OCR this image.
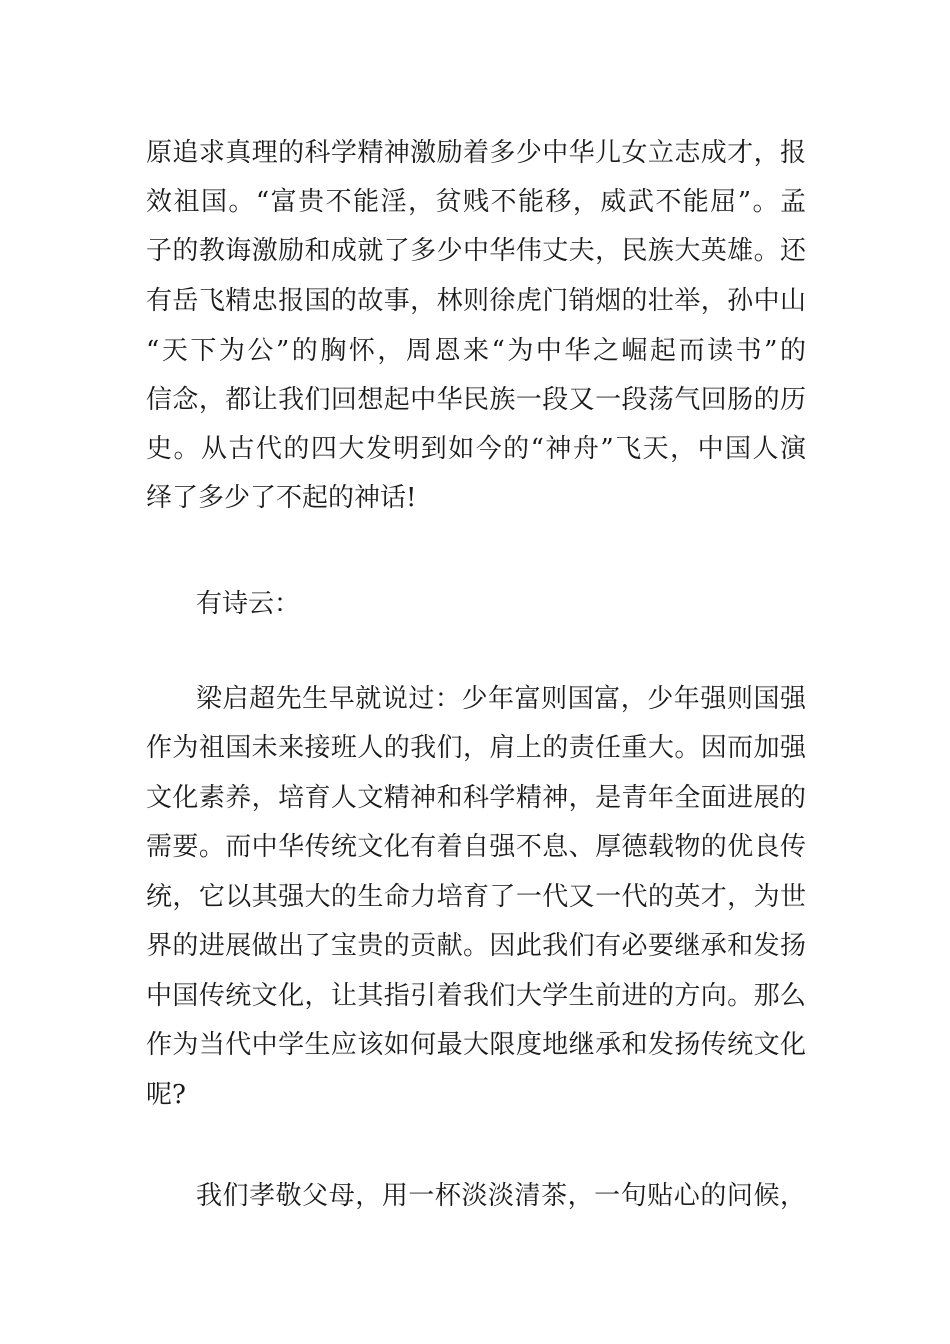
原追求真理的科学精神激励着多少中华儿女立志成才，报

效祖国。“富贵不能淫，贫贱不能移，威武不能屈”。孟

子的教诲激励和成就了多少中华伟丈夫，民族大英雄。还

有岳飞精忠报国的故事，林则徐虎门销烟的壮举，孙中山

“天下为公”的胸怀，周恩来“为中华之崛起而读书”的

信念，都让我们回想起中华民族一段又一段荡气回肠的历

史。从古代的四大发明到如今的“神舟”飞天，中国人演

绎了多少了不起的神话!

有诗云：

梁启超先生早就说过：少年富则国富，少年强则国强

作为祖国未来接班人的我们，肩上的责任重大。因而加强

文化素养，培育人文精神和科学精神，是青年全面进展的

需要。而中华传统文化有着自强不息、厚德载物的优良传

统，它以其强大的生命力培育了一代又一代的英才，为世

界的进展做出了宝贵的贡献。因此我们有必要继承和发扬

中国传统文化，让其指引着我们大学生前进的方向。那么

作为当代中学生应该如何最大限度地继承和发扬传统文化

呢?

我们孝敬父母，用一杯淡淡清茶，一句贴心的问候，
